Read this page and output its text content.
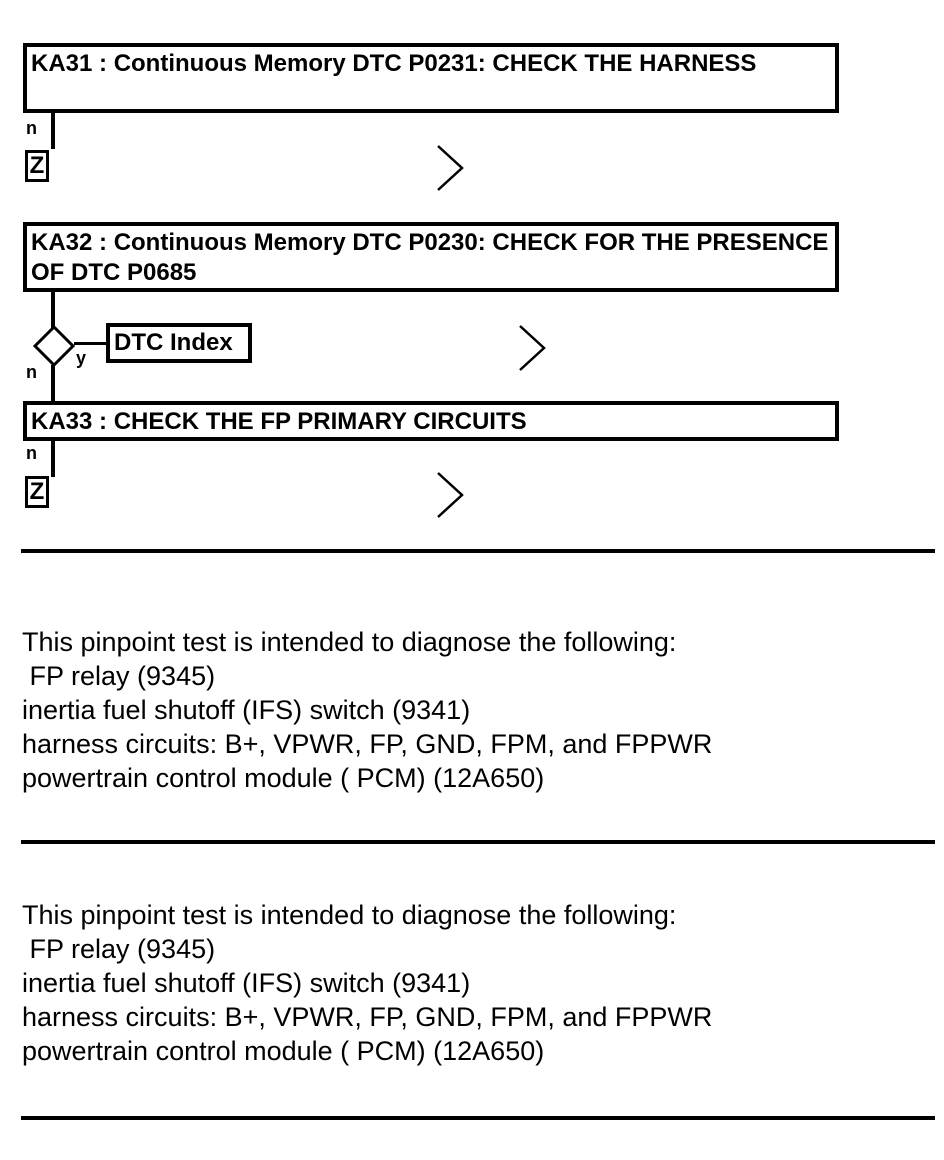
KA31 : Continuous Memory DTC P0231: CHECK THE HARNESS
n
Z
KA32 : Continuous Memory DTC P0230: CHECK FOR THE PRESENCE OF DTC P0685
y
n
DTC Index
KA33 : CHECK THE FP PRIMARY CIRCUITS
n
Z
This pinpoint test is intended to diagnose the following:
FP relay (9345)
inertia fuel shutoff (IFS) switch (9341)
harness circuits: B+, VPWR, FP, GND, FPM, and FPPWR
powertrain control module ( PCM) (12A650)
This pinpoint test is intended to diagnose the following:
FP relay (9345)
inertia fuel shutoff (IFS) switch (9341)
harness circuits: B+, VPWR, FP, GND, FPM, and FPPWR
powertrain control module ( PCM) (12A650)
